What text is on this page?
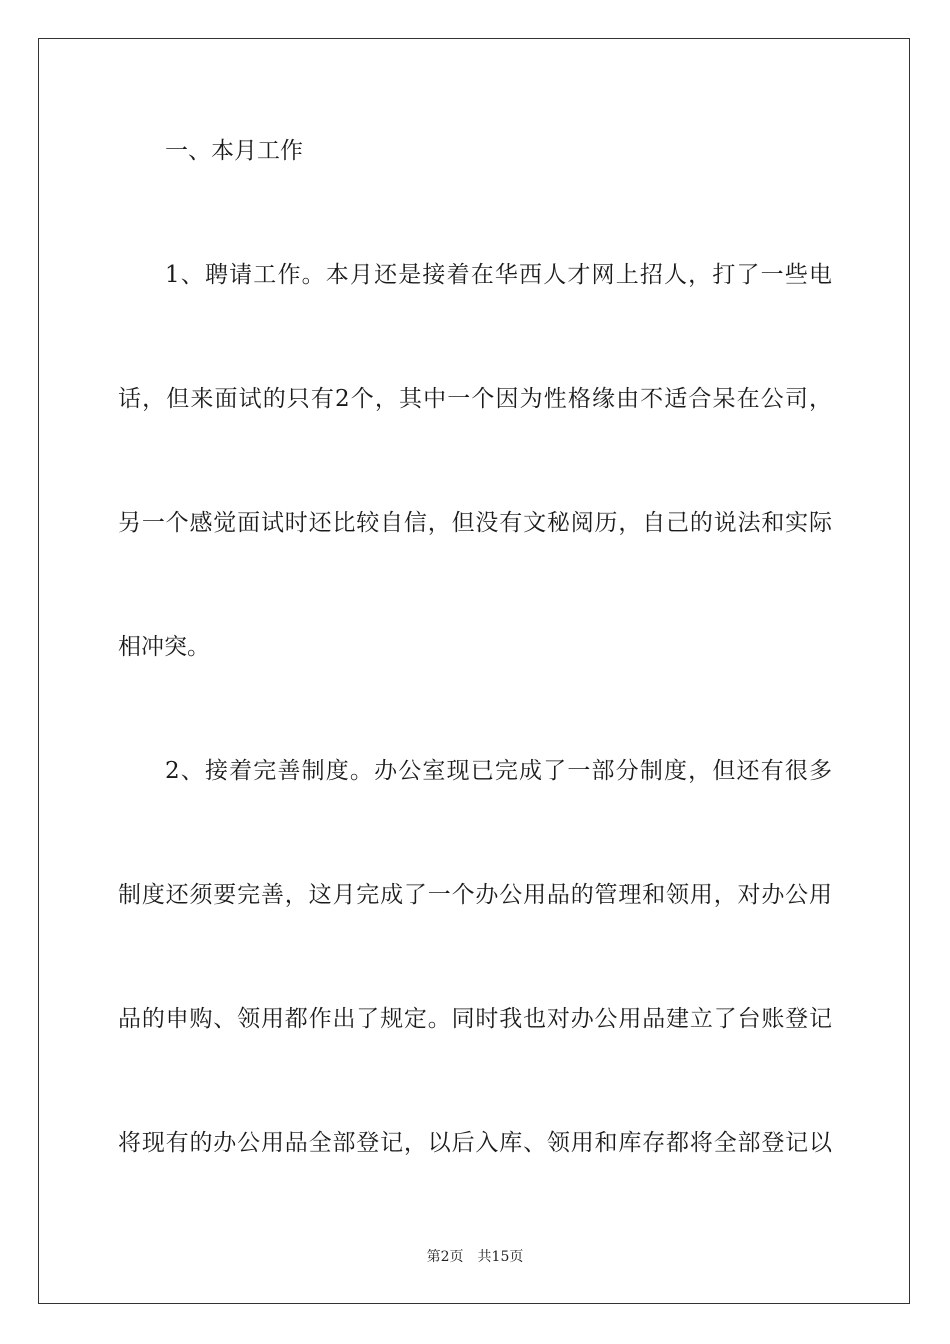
一、本月工作
1、聘请工作。本月还是接着在华西人才网上招人，打了一些电
话，但来面试的只有2个，其中一个因为性格缘由不适合呆在公司，
另一个感觉面试时还比较自信，但没有文秘阅历，自己的说法和实际
相冲突。
2、接着完善制度。办公室现已完成了一部分制度，但还有很多
制度还须要完善，这月完成了一个办公用品的管理和领用，对办公用
品的申购、领用都作出了规定。同时我也对办公用品建立了台账登记
将现有的办公用品全部登记，以后入库、领用和库存都将全部登记以
第2页 共15页
